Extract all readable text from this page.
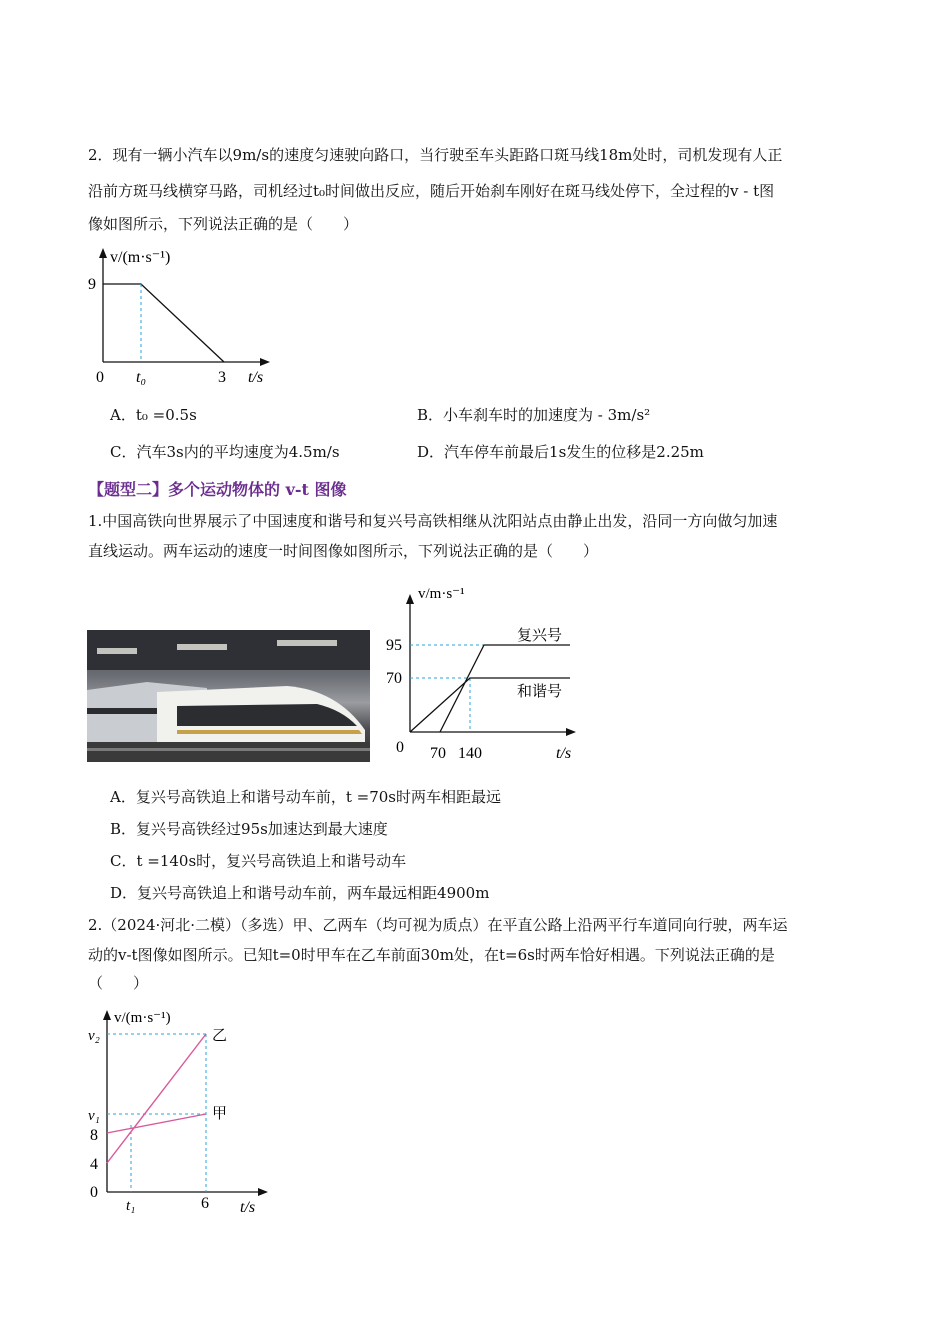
2．现有一辆小汽车以9m/s的速度匀速驶向路口，当行驶至车头距路口斑马线18m处时，司机发现有人正
沿前方斑马线横穿马路，司机经过t₀时间做出反应，随后开始刹车刚好在斑马线处停下，全过程的v - t图
像如图所示，下列说法正确的是（　　）
v/(m·s⁻¹)
9
0 t₀	3 t/s
A．t₀ =0.5s	B．小车刹车时的加速度为 - 3m/s²
C．汽车3s内的平均速度为4.5m/s	D．汽车停车前最后1s发生的位移是2.25m
【题型二】多个运动物体的 v-t 图像
1.中国高铁向世界展示了中国速度和谐号和复兴号高铁相继从沈阳站点由静止出发，沿同一方向做匀加速
直线运动。两车运动的速度一时间图像如图所示，下列说法正确的是（　　）
v/m·s⁻¹
95
70
0 70 140	t/s
复兴号
和谐号
A．复兴号高铁追上和谐号动车前，t =70s时两车相距最远
B．复兴号高铁经过95s加速达到最大速度
C．t =140s时，复兴号高铁追上和谐号动车
D．复兴号高铁追上和谐号动车前，两车最远相距4900m
2.（2024·河北·二模）（多选）甲、乙两车（均可视为质点）在平直公路上沿两平行车道同向行驶，两车运
动的v-t图像如图所示。已知t=0时甲车在乙车前面30m处，在t=6s时两车恰好相遇。下列说法正确的是
（　　）
v/(m·s⁻¹)
v₂
v₁
8
4
0
t₁	6 t/s
乙
甲
